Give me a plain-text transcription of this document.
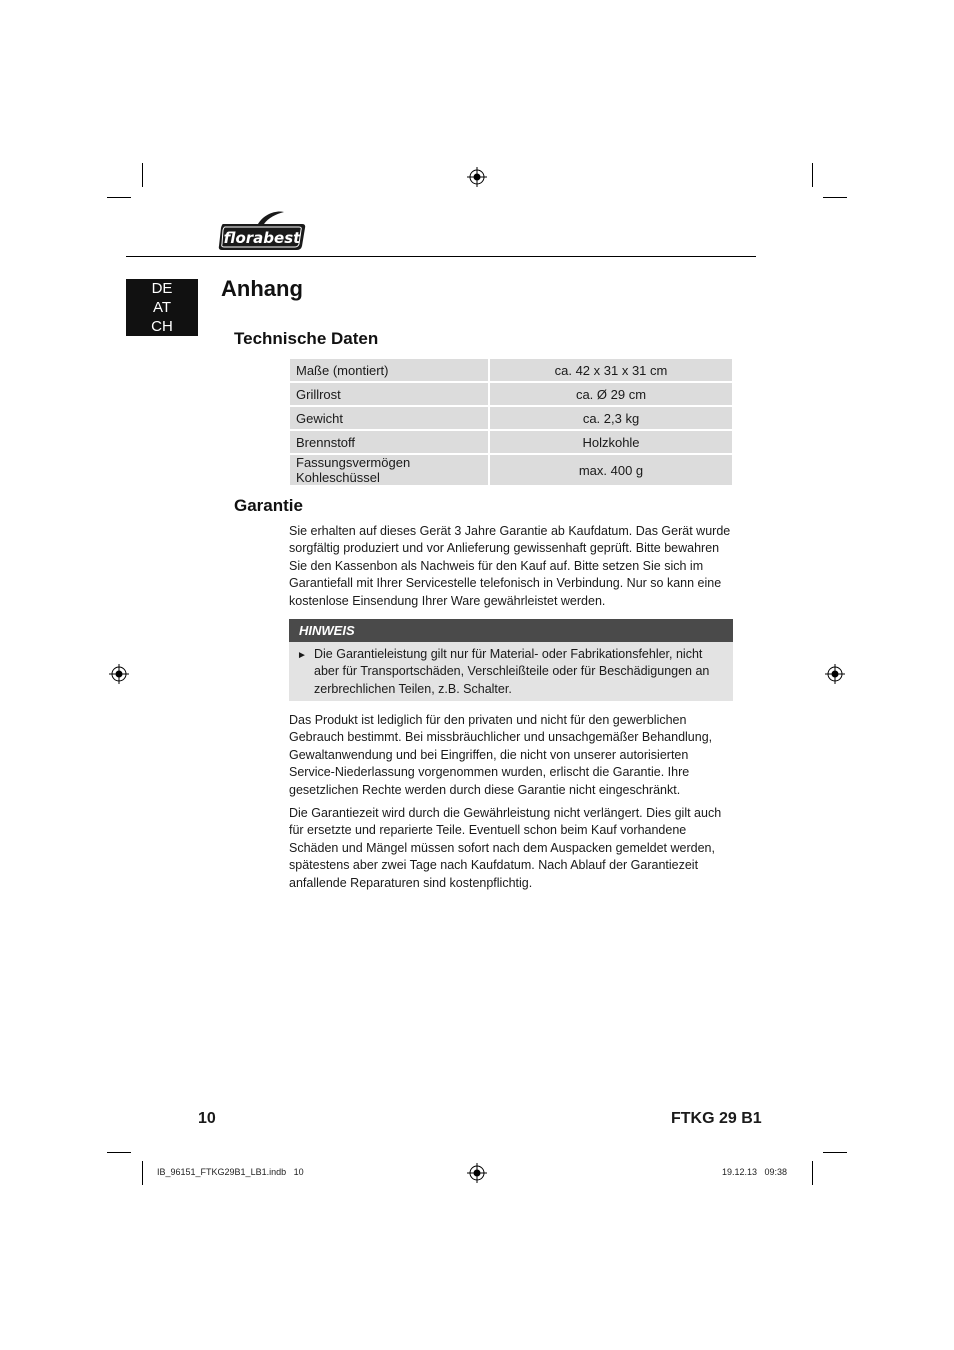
florabest
DE
AT
CH
Anhang
Technische Daten
Maße (montiert)	ca. 42 x 31 x 31 cm
Grillrost	ca. Ø 29 cm
Gewicht	ca. 2,3 kg
Brennstoff	Holzkohle
Fassungsvermögen Kohleschüssel	max. 400 g
Garantie

Sie erhalten auf dieses Gerät 3 Jahre Garantie ab Kaufdatum. Das Gerät wurde sorgfältig produziert und vor Anlieferung gewissenhaft geprüft. Bitte bewahren Sie den Kassenbon als Nachweis für den Kauf auf. Bitte setzen Sie sich im Garantiefall mit Ihrer Servicestelle telefonisch in Verbindung. Nur so kann eine kostenlose Einsendung Ihrer Ware gewährleistet werden.

HINWEIS
► Die Garantieleistung gilt nur für Material- oder Fabrikationsfehler, nicht aber für Transportschäden, Verschleißteile oder für Beschädigungen an zerbrechlichen Teilen, z.B. Schalter.

Das Produkt ist lediglich für den privaten und nicht für den gewerblichen Gebrauch bestimmt. Bei missbräuchlicher und unsachgemäßer Behandlung, Gewaltanwendung und bei Eingriffen, die nicht von unserer autorisierten Service-Niederlassung vorgenommen wurden, erlischt die Garantie. Ihre gesetzlichen Rechte werden durch diese Garantie nicht eingeschränkt.

Die Garantiezeit wird durch die Gewährleistung nicht verlängert. Dies gilt auch für ersetzte und reparierte Teile. Eventuell schon beim Kauf vorhandene Schäden und Mängel müssen sofort nach dem Auspacken gemeldet werden, spätestens aber zwei Tage nach Kaufdatum. Nach Ablauf der Garantiezeit anfallende Reparaturen sind kostenpflichtig.

10	FTKG 29 B1
IB_96151_FTKG29B1_LB1.indb   10	19.12.13   09:38
